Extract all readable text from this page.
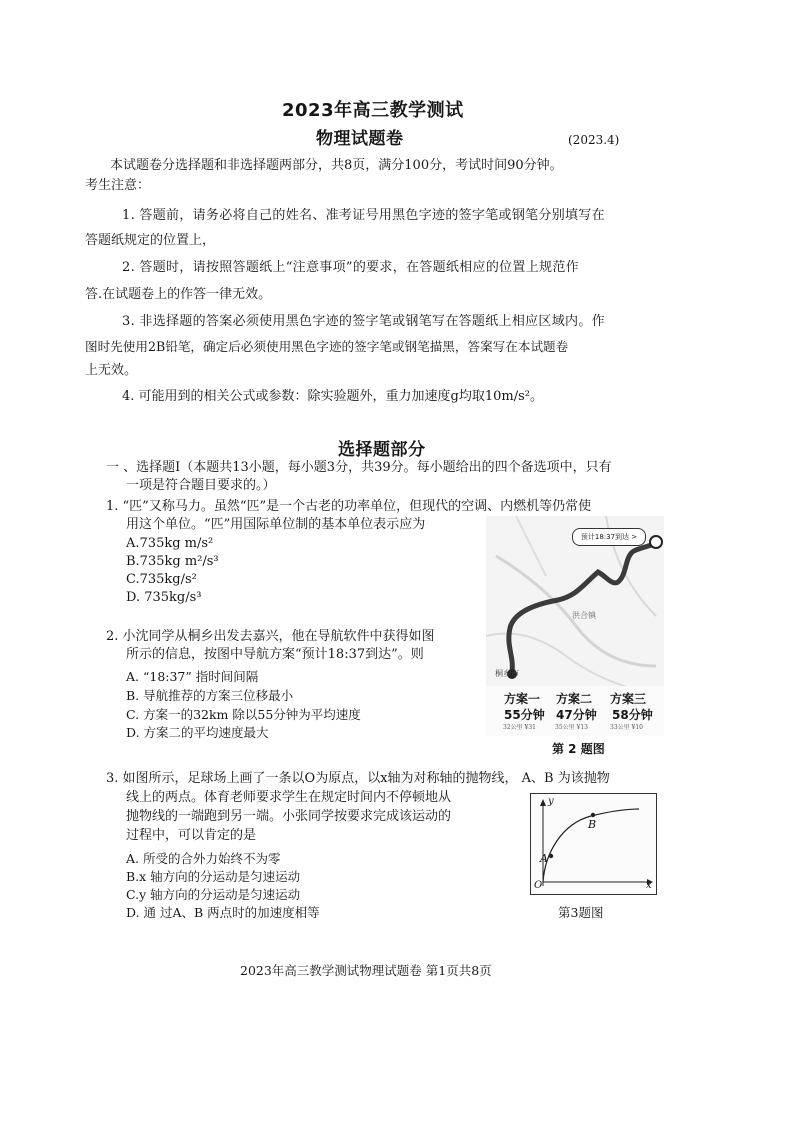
2023年高三教学测试
物理试题卷	(2023.4)
本试题卷分选择题和非选择题两部分，共8页，满分100分，考试时间90分钟。
考生注意：
1. 答题前，请务必将自己的姓名、准考证号用黑色字迹的签字笔或钢笔分别填写在
答题纸规定的位置上，
2. 答题时，请按照答题纸上“注意事项”的要求，在答题纸相应的位置上规范作
答.在试题卷上的作答一律无效。
3. 非选择题的答案必须使用黑色字迹的签字笔或钢笔写在答题纸上相应区域内。作
图时先使用2B铅笔，确定后必须使用黑色字迹的签字笔或钢笔描黑，答案写在本试题卷
上无效。
4. 可能用到的相关公式或参数：除实验题外，重力加速度g均取10m/s²。
选择题部分
一 、选择题I（本题共13小题，每小题3分，共39分。每小题给出的四个备选项中，只有
一项是符合题目要求的。）
1. “匹”又称马力。虽然“匹”是一个古老的功率单位，但现代的空调、内燃机等仍常使
用这个单位。“匹”用国际单位制的基本单位表示应为
A.735kg m/s²
B.735kg m²/s³
C.735kg/s²
D. 735kg/s³
2. 小沈同学从桐乡出发去嘉兴，他在导航软件中获得如图
所示的信息，按图中导航方案“预计18:37到达”。则
A. “18:37” 指时间间隔
B. 导航推荐的方案三位移最小
C. 方案一的32km 除以55分钟为平均速度
D. 方案二的平均速度最大
预计18:37到达 >
洪合镇
桐乡市
方案一
55分钟
32公里 ¥31
方案二
47分钟
35公里 ¥13
方案三
58分钟
33公里 ¥10
第 2 题图
3. 如图所示，足球场上画了一条以O为原点，以x轴为对称轴的抛物线， A、B 为该抛物
线上的两点。体育老师要求学生在规定时间内不停顿地从
抛物线的一端跑到另一端。小张同学按要求完成该运动的
过程中，可以肯定的是
A. 所受的合外力始终不为零
B.x 轴方向的分运动是匀速运动
C.y 轴方向的分运动是匀速运动
D. 通 过A、B 两点时的加速度相等
y
x
O
A
B
第3题图
2023年高三教学测试物理试题卷 第1页共8页
